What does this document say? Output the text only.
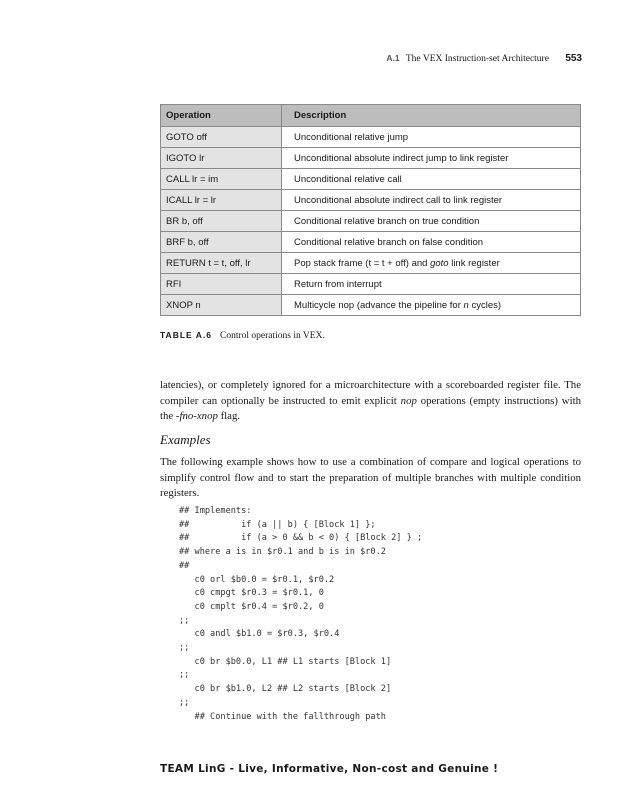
A.1 The VEX Instruction-set Architecture 553
Operation	Description
GOTO off	Unconditional relative jump
IGOTO lr	Unconditional absolute indirect jump to link register
CALL lr = im	Unconditional relative call
ICALL lr = lr	Unconditional absolute indirect call to link register
BR b, off	Conditional relative branch on true condition
BRF b, off	Conditional relative branch on false condition
RETURN t = t, off, lr	Pop stack frame (t = t + off) and goto link register
RFI	Return from interrupt
XNOP n	Multicycle nop (advance the pipeline for n cycles)
TABLE A.6 Control operations in VEX.

latencies), or completely ignored for a microarchitecture with a scoreboarded register file. The compiler can optionally be instructed to emit explicit nop operations (empty instructions) with the -fno-xnop flag.

Examples

The following example shows how to use a combination of compare and logical operations to simplify control flow and to start the preparation of multiple branches with multiple condition registers.

## Implements:
##          if (a || b) { [Block 1] };
##          if (a > 0 && b < 0) { [Block 2] } ;
## where a is in $r0.1 and b is in $r0.2
##
c0 orl $b0.0 = $r0.1, $r0.2
c0 cmpgt $r0.3 = $r0.1, 0
c0 cmplt $r0.4 = $r0.2, 0
;;
c0 andl $b1.0 = $r0.3, $r0.4
;;
c0 br $b0.0, L1 ## L1 starts [Block 1]
;;
c0 br $b1.0, L2 ## L2 starts [Block 2]
;;
## Continue with the fallthrough path
TEAM LinG - Live, Informative, Non-cost and Genuine !
